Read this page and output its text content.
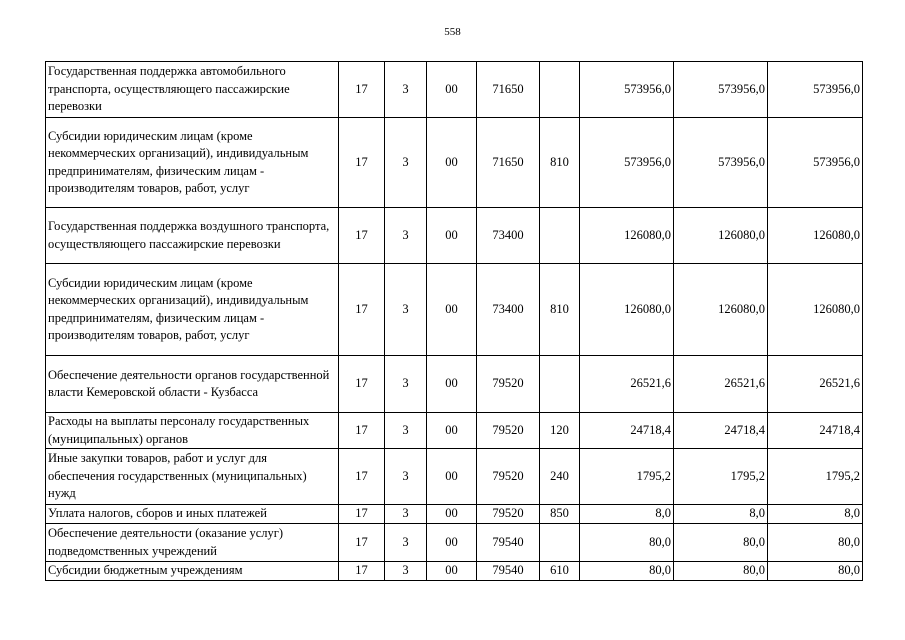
558
Государственная поддержка автомобильного транспорта, осуществляющего пассажирские перевозки	17	3	00	71650		573956,0	573956,0	573956,0
Субсидии юридическим лицам (кроме некоммерческих организаций), индивидуальным предпринимателям, физическим лицам - производителям товаров, работ, услуг	17	3	00	71650	810	573956,0	573956,0	573956,0
Государственная поддержка воздушного транспорта, осуществляющего пассажирские перевозки	17	3	00	73400		126080,0	126080,0	126080,0
Субсидии юридическим лицам (кроме некоммерческих организаций), индивидуальным предпринимателям, физическим лицам - производителям товаров, работ, услуг	17	3	00	73400	810	126080,0	126080,0	126080,0
Обеспечение деятельности органов государственной власти Кемеровской области - Кузбасса	17	3	00	79520		26521,6	26521,6	26521,6
Расходы на выплаты персоналу государственных (муниципальных) органов	17	3	00	79520	120	24718,4	24718,4	24718,4
Иные закупки товаров, работ и услуг для обеспечения государственных (муниципальных) нужд	17	3	00	79520	240	1795,2	1795,2	1795,2
Уплата налогов, сборов и иных платежей	17	3	00	79520	850	8,0	8,0	8,0
Обеспечение деятельности (оказание услуг) подведомственных учреждений	17	3	00	79540		80,0	80,0	80,0
Субсидии бюджетным учреждениям	17	3	00	79540	610	80,0	80,0	80,0
